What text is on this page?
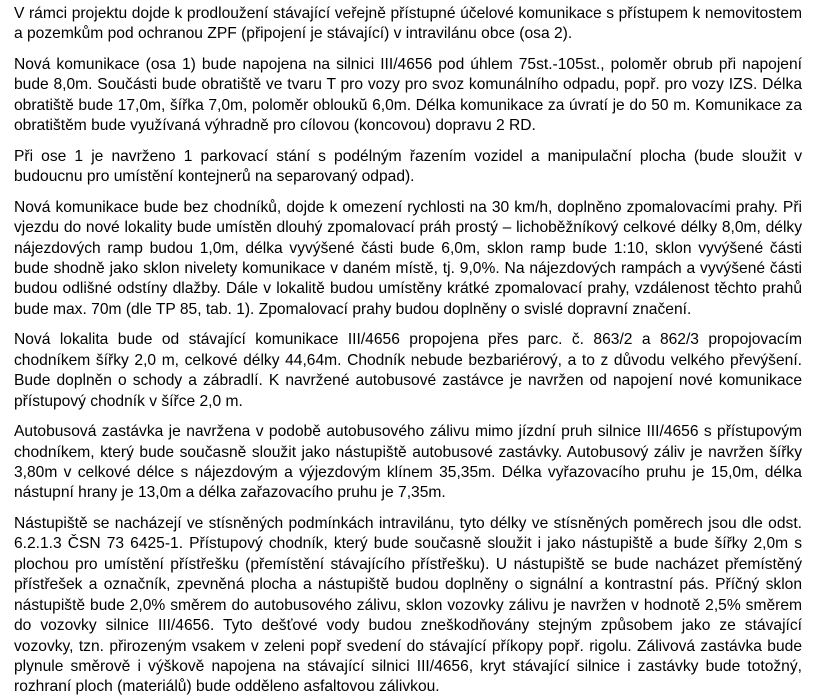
V rámci projektu dojde k prodloužení stávající veřejně přístupné účelové komunikace s přístupem k nemovitostem a pozemkům pod ochranou ZPF (připojení je stávající) v intravilánu obce (osa 2).

Nová komunikace (osa 1) bude napojena na silnici III/4656 pod úhlem 75st.-105st., poloměr obrub při napojení bude 8,0m. Součásti bude obratiště ve tvaru T pro vozy pro svoz komunálního odpadu, popř. pro vozy IZS. Délka obratiště bude 17,0m, šířka 7,0m, poloměr obloukŭ 6,0m. Délka komunikace za úvratí je do 50 m. Komunikace za obratištěm bude využívaná výhradně pro cílovou (koncovou) dopravu 2 RD.

Při ose 1 je navrženo 1 parkovací stání s podélným řazením vozidel a manipulační plocha (bude sloužit v budoucnu pro umístění kontejnerů na separovaný odpad).

Nová komunikace bude bez chodníků, dojde k omezení rychlosti na 30 km/h, doplněno zpomalovacími prahy. Při vjezdu do nové lokality bude umístěn dlouhý zpomalovací práh prostý – lichoběžníkový celkové délky 8,0m, délky nájezdových ramp budou 1,0m, délka vyvýšené části bude 6,0m, sklon ramp bude 1:10, sklon vyvýšené části bude shodně jako sklon nivelety komunikace v daném místě, tj. 9,0%. Na nájezdových rampách a vyvýšené části budou odlišné odstíny dlažby. Dále v lokalitě budou umístěny krátké zpomalovací prahy, vzdálenost těchto prahů bude max. 70m (dle TP 85, tab. 1). Zpomalovací prahy budou doplněny o svislé dopravní značení.

Nová lokalita bude od stávající komunikace III/4656 propojena přes parc. č. 863/2 a 862/3 propojovacím chodníkem šířky 2,0 m, celkové délky 44,64m. Chodník nebude bezbariérový, a to z důvodu velkého převýšení. Bude doplněn o schody a zábradlí. K navržené autobusové zastávce je navržen od napojení nové komunikace přístupový chodník v šířce 2,0 m.

Autobusová zastávka je navržena v podobě autobusového zálivu mimo jízdní pruh silnice III/4656 s přístupovým chodníkem, který bude současně sloužit jako nástupiště autobusové zastávky. Autobusový záliv je navržen šířky 3,80m v celkové délce s nájezdovým a výjezdovým klínem 35,35m. Délka vyřazovacího pruhu je 15,0m, délka nástupní hrany je 13,0m a délka zařazovacího pruhu je 7,35m.

Nástupiště se nacházejí ve stísněných podmínkách intravilánu, tyto délky ve stísněných poměrech jsou dle odst. 6.2.1.3 ČSN 73 6425-1. Přístupový chodník, který bude současně sloužit i jako nástupiště a bude šířky 2,0m s plochou pro umístění přístřešku (přemístění stávajícího přístřešku). U nástupiště se bude nacházet přemístěný přístřešek a označník, zpevněná plocha a nástupiště budou doplněny o signální a kontrastní pás. Příčný sklon nástupiště bude 2,0% směrem do autobusového zálivu, sklon vozovky zálivu je navržen v hodnotě 2,5% směrem do vozovky silnice III/4656. Tyto dešťové vody budou zneškodňovány stejným způsobem jako ze stávající vozovky, tzn. přirozeným vsakem v zeleni popř svedení do stávající příkopy popř. rigolu. Zálivová zastávka bude plynule směrově i výškově napojena na stávající silnici III/4656, kryt stávající silnice i zastávky bude totožný, rozhraní ploch (materiálů) bude odděleno asfaltovou zálivkou.
